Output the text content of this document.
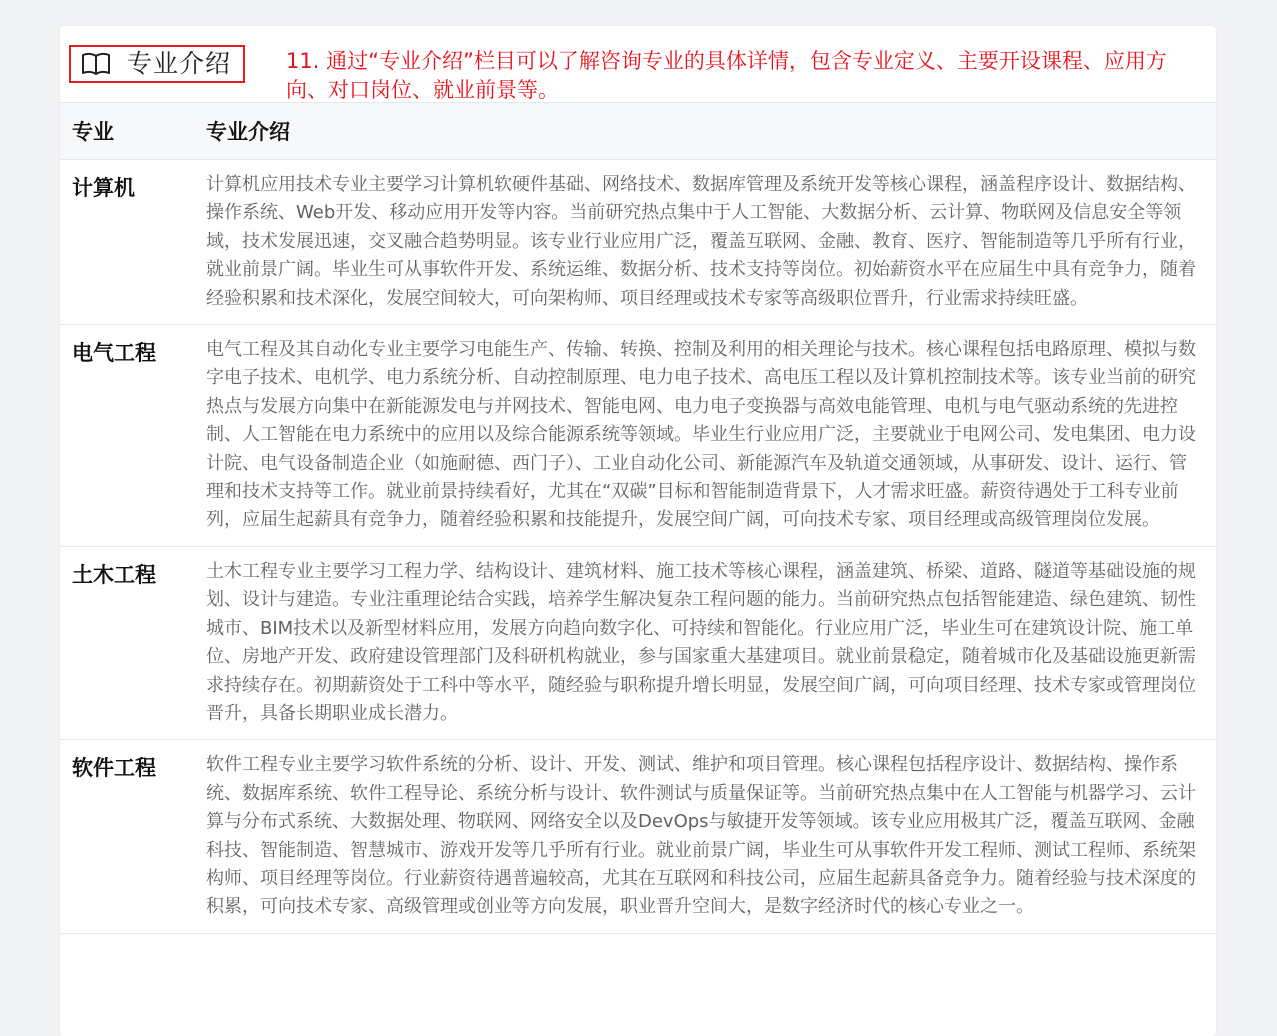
专业介绍	11. 通过“专业介绍”栏目可以了解咨询专业的具体详情，包含专业定义、主要开设课程、应用方向、对口岗位、就业前景等。
专业	专业介绍
计算机	计算机应用技术专业主要学习计算机软硬件基础、网络技术、数据库管理及系统开发等核心课程，涵盖程序设计、数据结构、操作系统、Web开发、移动应用开发等内容。当前研究热点集中于人工智能、大数据分析、云计算、物联网及信息安全等领域，技术发展迅速，交叉融合趋势明显。该专业行业应用广泛，覆盖互联网、金融、教育、医疗、智能制造等几乎所有行业，就业前景广阔。毕业生可从事软件开发、系统运维、数据分析、技术支持等岗位。初始薪资水平在应届生中具有竞争力，随着经验积累和技术深化，发展空间较大，可向架构师、项目经理或技术专家等高级职位晋升，行业需求持续旺盛。
电气工程	电气工程及其自动化专业主要学习电能生产、传输、转换、控制及利用的相关理论与技术。核心课程包括电路原理、模拟与数字电子技术、电机学、电力系统分析、自动控制原理、电力电子技术、高电压工程以及计算机控制技术等。该专业当前的研究热点与发展方向集中在新能源发电与并网技术、智能电网、电力电子变换器与高效电能管理、电机与电气驱动系统的先进控制、人工智能在电力系统中的应用以及综合能源系统等领域。毕业生行业应用广泛，主要就业于电网公司、发电集团、电力设计院、电气设备制造企业（如施耐德、西门子）、工业自动化公司、新能源汽车及轨道交通领域，从事研发、设计、运行、管理和技术支持等工作。就业前景持续看好，尤其在“双碳”目标和智能制造背景下，人才需求旺盛。薪资待遇处于工科专业前列，应届生起薪具有竞争力，随着经验积累和技能提升，发展空间广阔，可向技术专家、项目经理或高级管理岗位发展。
土木工程	土木工程专业主要学习工程力学、结构设计、建筑材料、施工技术等核心课程，涵盖建筑、桥梁、道路、隧道等基础设施的规划、设计与建造。专业注重理论结合实践，培养学生解决复杂工程问题的能力。当前研究热点包括智能建造、绿色建筑、韧性城市、BIM技术以及新型材料应用，发展方向趋向数字化、可持续和智能化。行业应用广泛，毕业生可在建筑设计院、施工单位、房地产开发、政府建设管理部门及科研机构就业，参与国家重大基建项目。就业前景稳定，随着城市化及基础设施更新需求持续存在。初期薪资处于工科中等水平，随经验与职称提升增长明显，发展空间广阔，可向项目经理、技术专家或管理岗位晋升，具备长期职业成长潜力。
软件工程	软件工程专业主要学习软件系统的分析、设计、开发、测试、维护和项目管理。核心课程包括程序设计、数据结构、操作系统、数据库系统、软件工程导论、系统分析与设计、软件测试与质量保证等。当前研究热点集中在人工智能与机器学习、云计算与分布式系统、大数据处理、物联网、网络安全以及DevOps与敏捷开发等领域。该专业应用极其广泛，覆盖互联网、金融科技、智能制造、智慧城市、游戏开发等几乎所有行业。就业前景广阔，毕业生可从事软件开发工程师、测试工程师、系统架构师、项目经理等岗位。行业薪资待遇普遍较高，尤其在互联网和科技公司，应届生起薪具备竞争力。随着经验与技术深度的积累，可向技术专家、高级管理或创业等方向发展，职业晋升空间大，是数字经济时代的核心专业之一。
